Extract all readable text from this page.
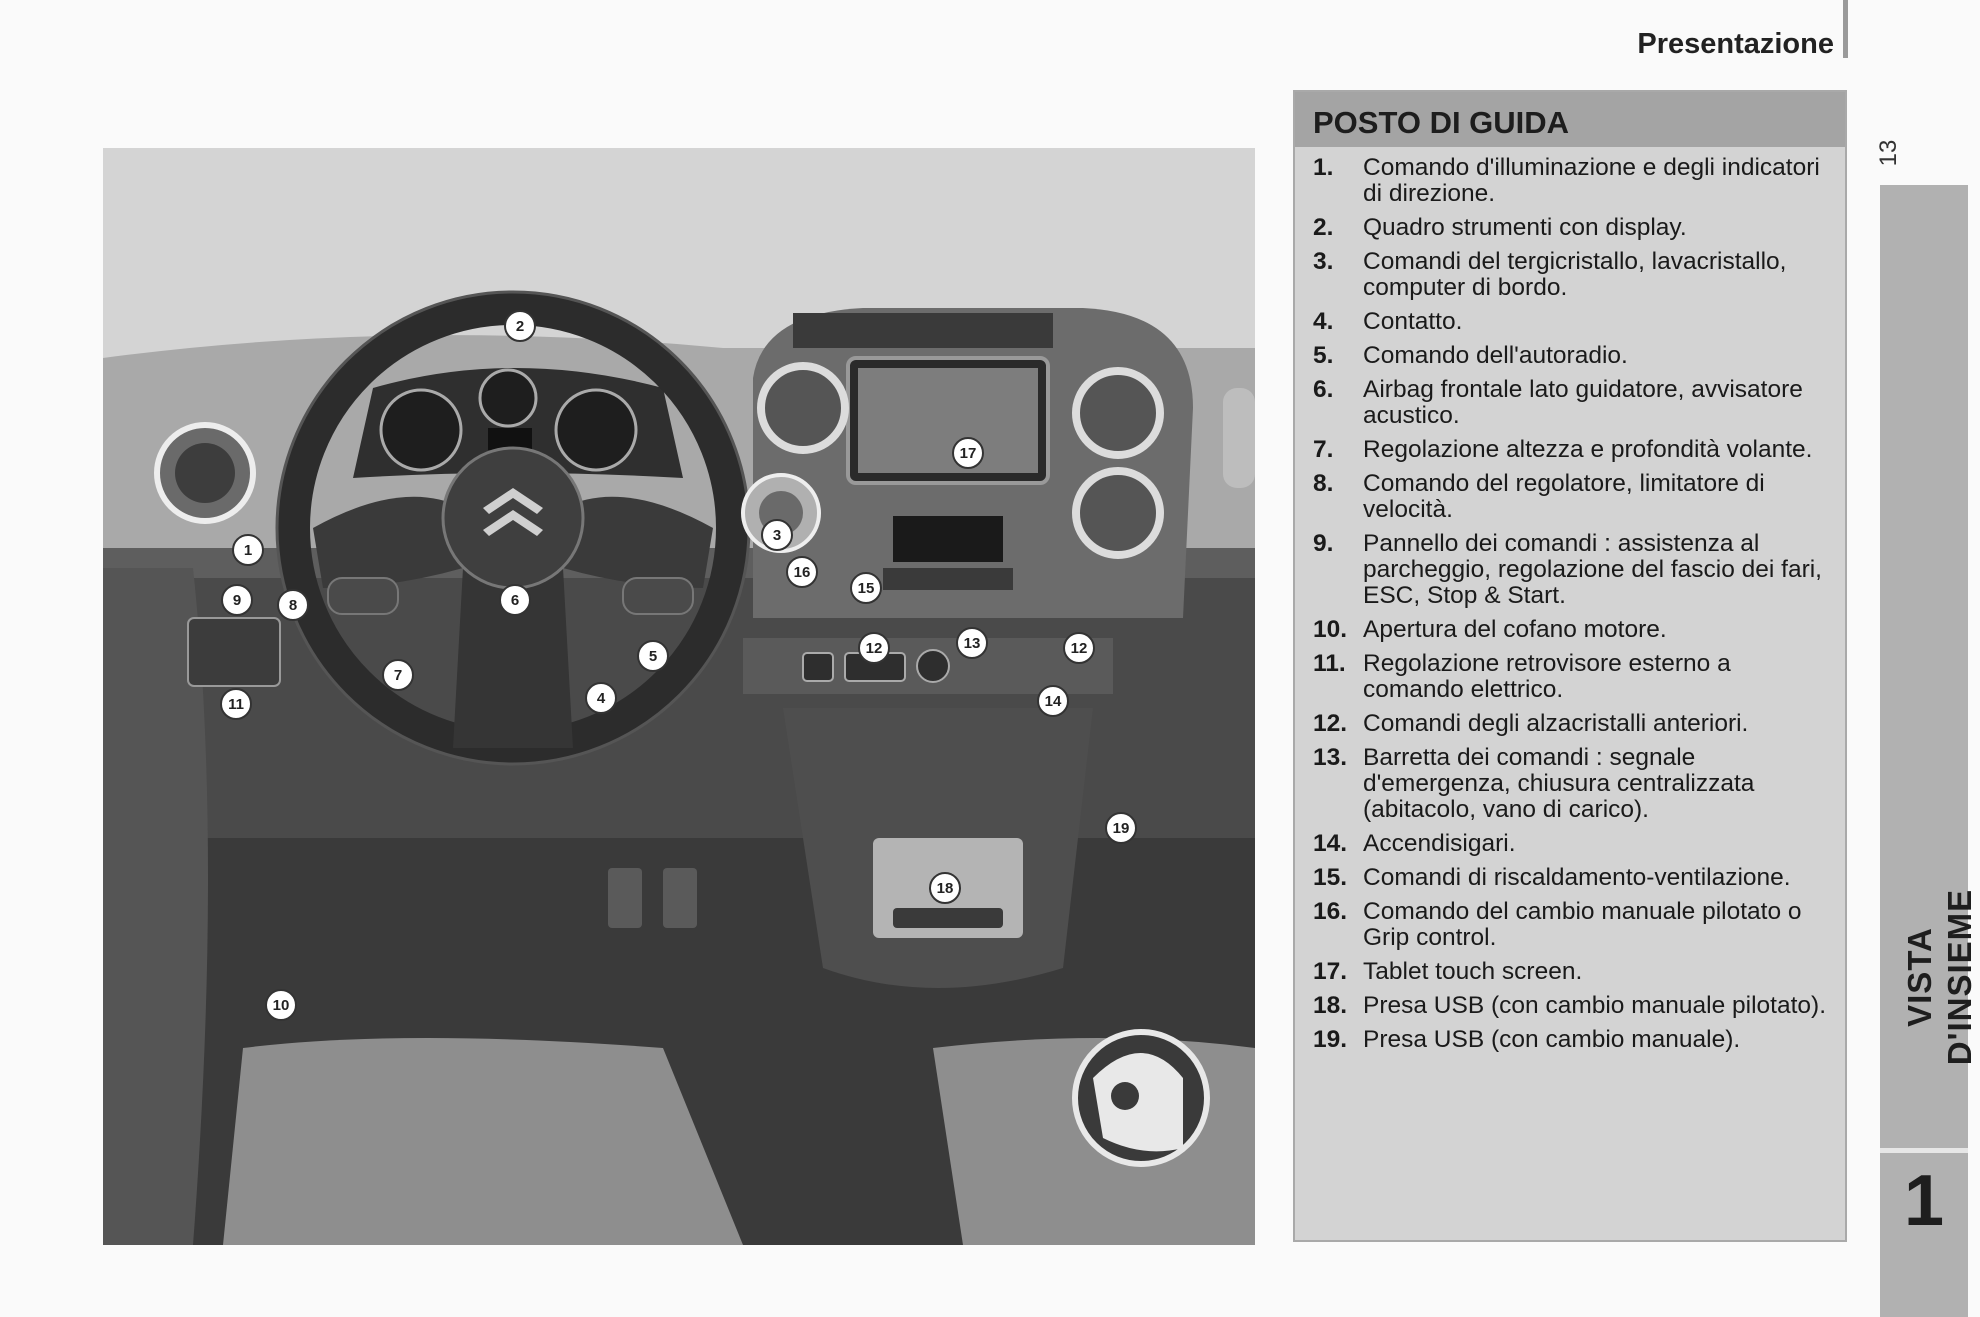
Presentazione
13
VISTA D'INSIEME
1
1
2
3
4
5
6
7
8
9
10
11
12	12
13
14
15
16
17
18
19
POSTO DI GUIDA
1.	Comando d'illuminazione e degli indicatori di direzione.
2.	Quadro strumenti con display.
3.	Comandi del tergicristallo, lavacristallo, computer di bordo.
4.	Contatto.
5.	Comando dell'autoradio.
6.	Airbag frontale lato guidatore, avvisatore acustico.
7.	Regolazione altezza e profondità volante.
8.	Comando del regolatore, limitatore di velocità.
9.	Pannello dei comandi : assistenza al parcheggio, regolazione del fascio dei fari, ESC, Stop & Start.
10. Apertura del cofano motore.
11. Regolazione retrovisore esterno a comando elettrico.
12. Comandi degli alzacristalli anteriori.
13. Barretta dei comandi : segnale d'emergenza, chiusura centralizzata (abitacolo, vano di carico).
14. Accendisigari.
15. Comandi di riscaldamento-ventilazione.
16. Comando del cambio manuale pilotato o Grip control.
17. Tablet touch screen.
18. Presa USB (con cambio manuale pilotato).
19. Presa USB (con cambio manuale).
